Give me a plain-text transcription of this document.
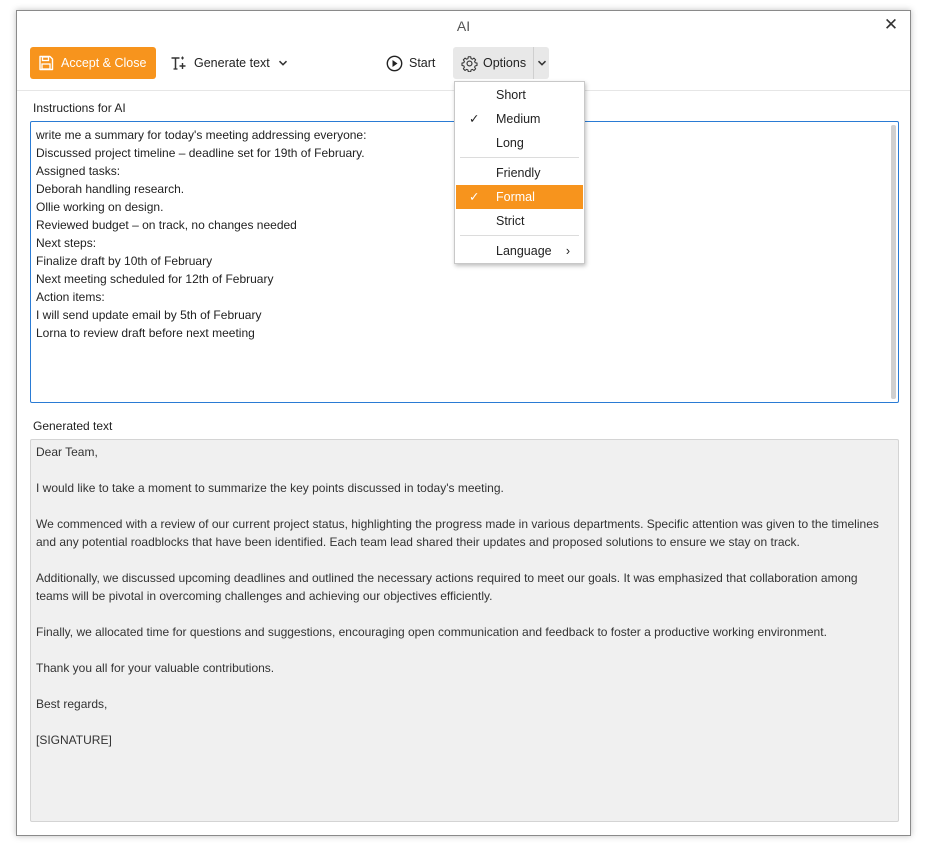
AI	✕
Accept & Close	Generate text	Start	Options
Instructions for AI
write me a summary for today's meeting addressing everyone:
Discussed project timeline – deadline set for 19th of February.
Assigned tasks:
Deborah handling research.
Ollie working on design.
Reviewed budget – on track, no changes needed
Next steps:
Finalize draft by 10th of February
Next meeting scheduled for 12th of February
Action items:
I will send update email by 5th of February
Lorna to review draft before next meeting
Generated text

Dear Team,

I would like to take a moment to summarize the key points discussed in today's meeting.

We commenced with a review of our current project status, highlighting the progress made in various departments. Specific attention was given to the timelines and any potential roadblocks that have been identified. Each team lead shared their updates and proposed solutions to ensure we stay on track.

Additionally, we discussed upcoming deadlines and outlined the necessary actions required to meet our goals. It was emphasized that collaboration among teams will be pivotal in overcoming challenges and achieving our objectives efficiently.

Finally, we allocated time for questions and suggestions, encouraging open communication and feedback to foster a productive working environment.

Thank you all for your valuable contributions.

Best regards,

[SIGNATURE]

Short
✓ Medium
Long
Friendly
✓ Formal
Strict
Language ›
